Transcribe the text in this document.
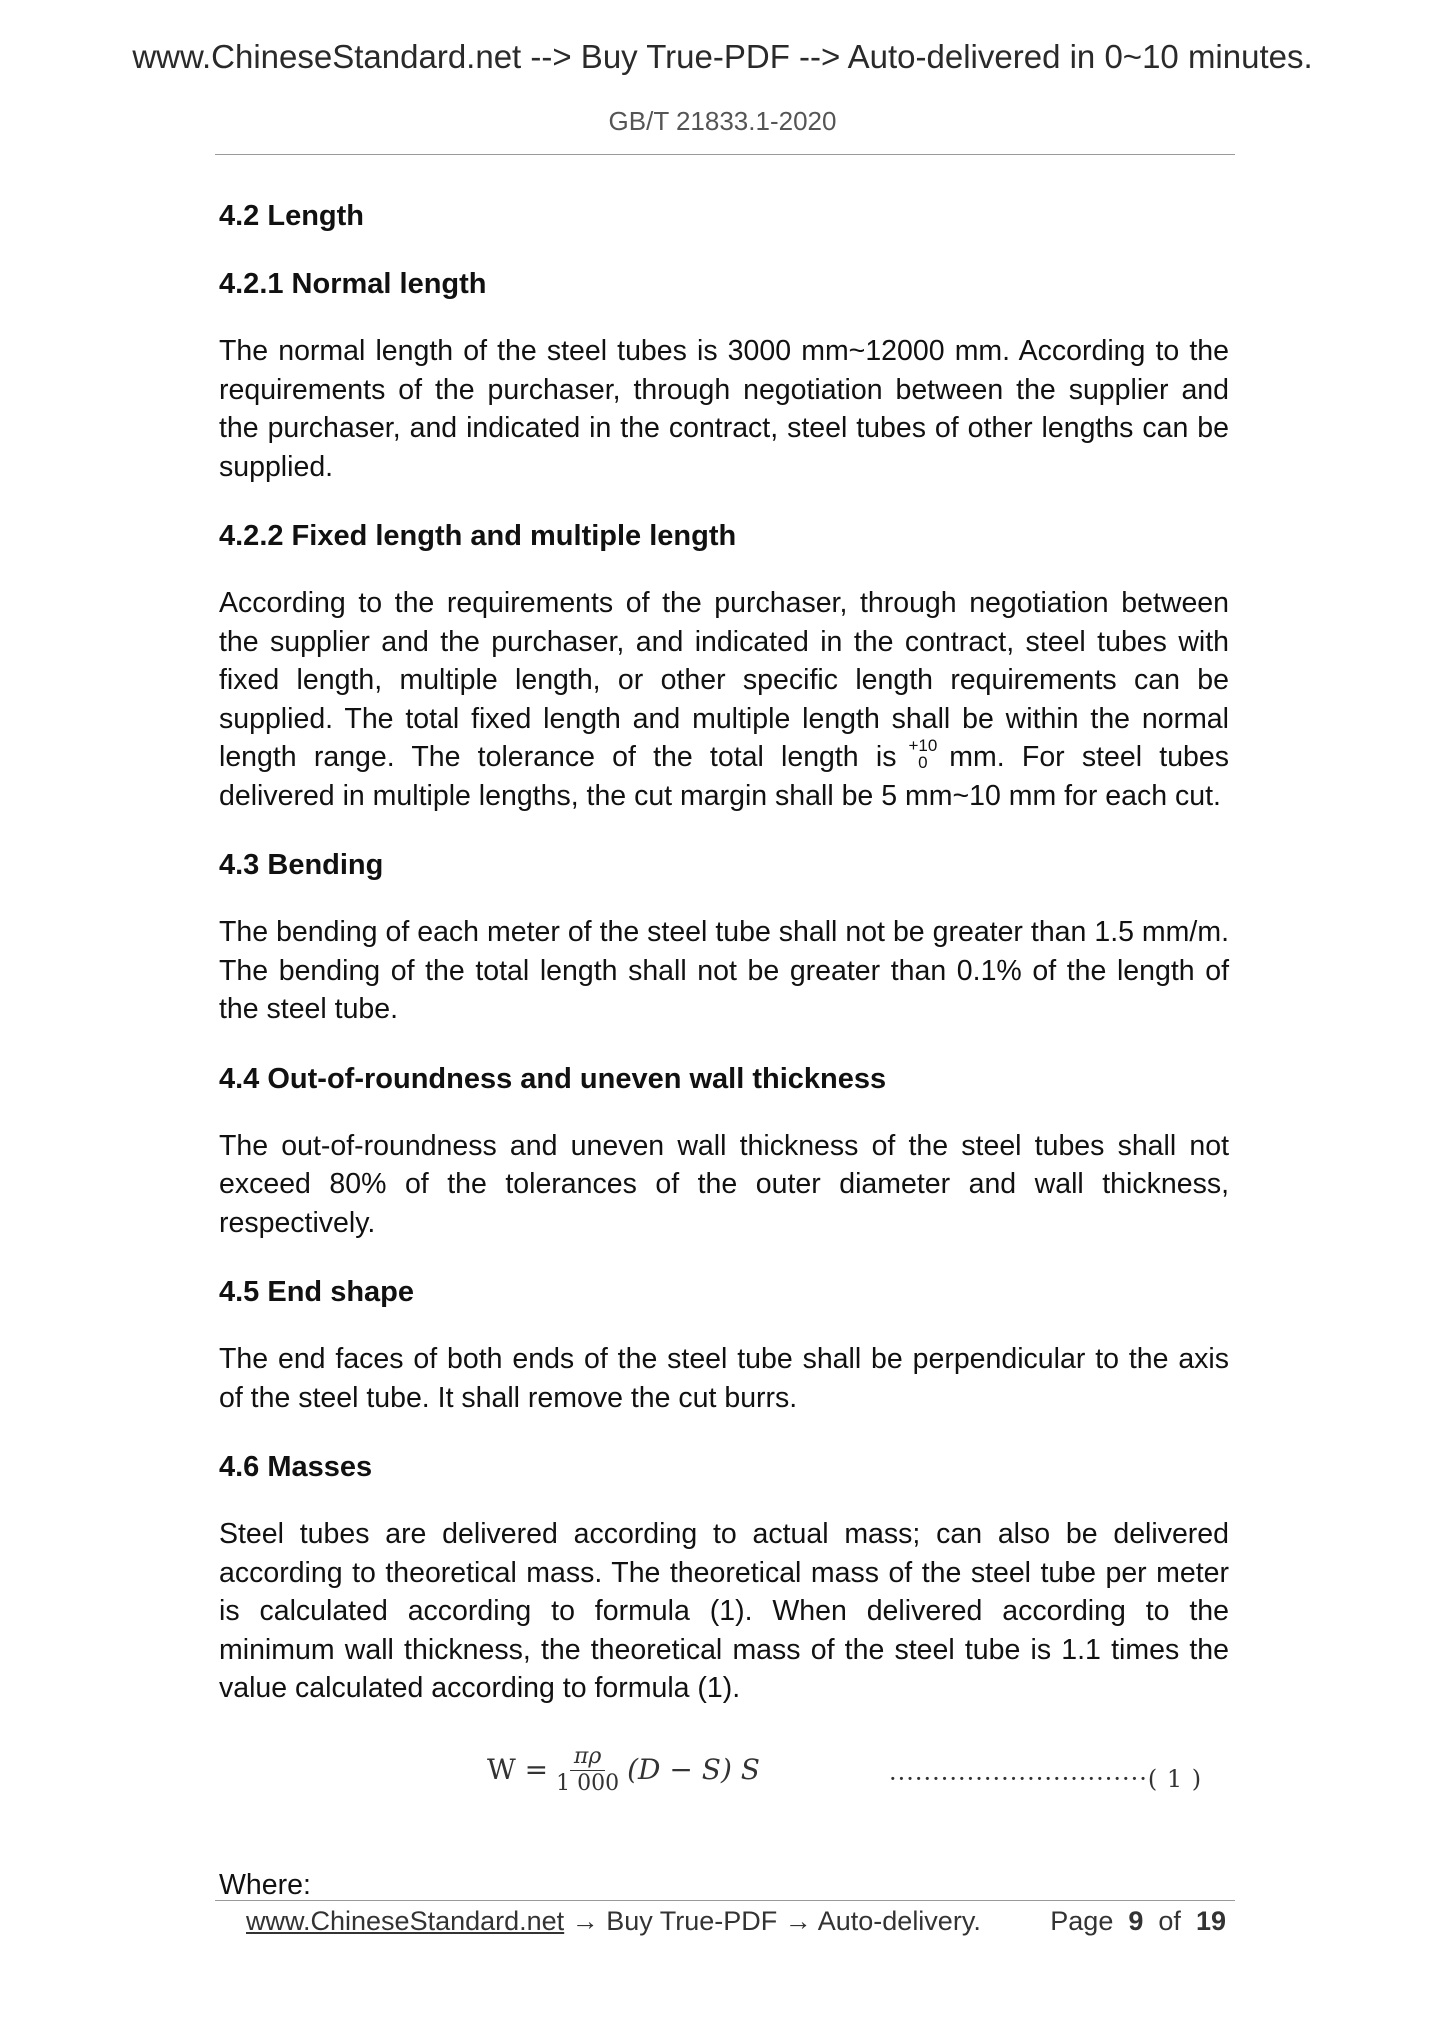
www.ChineseStandard.net --> Buy True-PDF --> Auto-delivered in 0~10 minutes.
GB/T 21833.1-2020
4.2 Length
4.2.1 Normal length

The normal length of the steel tubes is 3000 mm~12000 mm. According to the requirements of the purchaser, through negotiation between the supplier and the purchaser, and indicated in the contract, steel tubes of other lengths can be supplied.

4.2.2 Fixed length and multiple length

According to the requirements of the purchaser, through negotiation between the supplier and the purchaser, and indicated in the contract, steel tubes with fixed length, multiple length, or other specific length requirements can be supplied. The total fixed length and multiple length shall be within the normal length range. The tolerance of the total length is +10
0 mm. For steel tubes delivered in multiple lengths, the cut margin shall be 5 mm~10 mm for each cut.

4.3 Bending

The bending of each meter of the steel tube shall not be greater than 1.5 mm/m. The bending of the total length shall not be greater than 0.1% of the length of the steel tube.

4.4 Out-of-roundness and uneven wall thickness

The out-of-roundness and uneven wall thickness of the steel tubes shall not exceed 80% of the tolerances of the outer diameter and wall thickness, respectively.

4.5 End shape

The end faces of both ends of the steel tube shall be perpendicular to the axis of the steel tube. It shall remove the cut burrs.

4.6 Masses

Steel tubes are delivered according to actual mass; can also be delivered according to theoretical mass. The theoretical mass of the steel tube per meter is calculated according to formula (1). When delivered according to the minimum wall thickness, the theoretical mass of the steel tube is 1.1 times the value calculated according to formula (1).

$W = \frac{\pi\rho}{1 000} (D - S)$ S	······························( 1 )

Where:

www.ChineseStandard.net → Buy True-PDF → Auto-delivery.	Page 9 of 19
